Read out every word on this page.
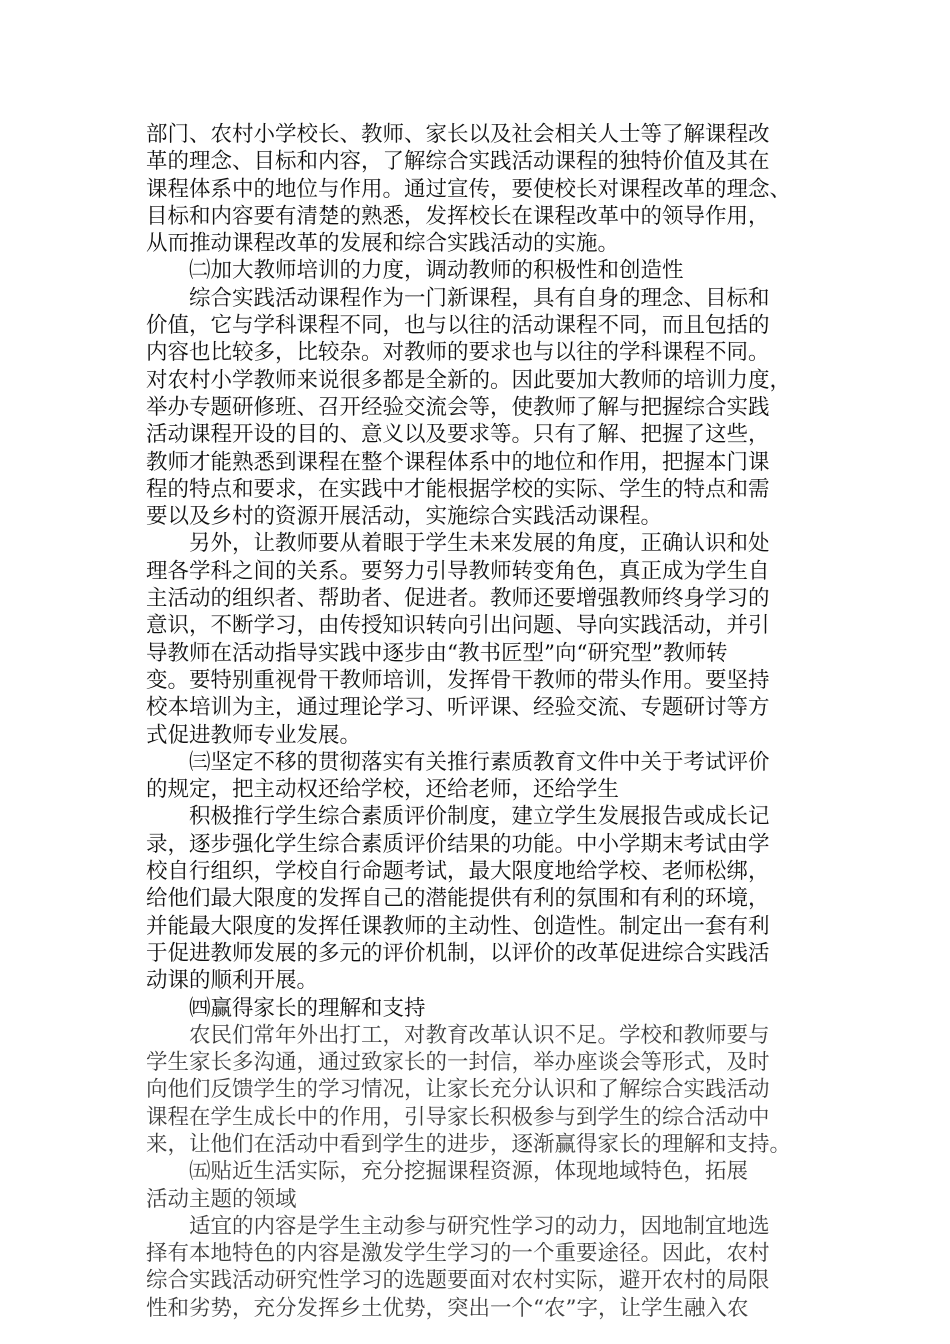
部门、农村小学校长、教师、家长以及社会相关人士等了解课程改
革的理念、目标和内容，了解综合实践活动课程的独特价值及其在
课程体系中的地位与作用。通过宣传，要使校长对课程改革的理念、
目标和内容要有清楚的熟悉，发挥校长在课程改革中的领导作用，
从而推动课程改革的发展和综合实践活动的实施。
㈡加大教师培训的力度，调动教师的积极性和创造性
综合实践活动课程作为一门新课程，具有自身的理念、目标和
价值，它与学科课程不同，也与以往的活动课程不同，而且包括的
内容也比较多，比较杂。对教师的要求也与以往的学科课程不同。
对农村小学教师来说很多都是全新的。因此要加大教师的培训力度，
举办专题研修班、召开经验交流会等，使教师了解与把握综合实践
活动课程开设的目的、意义以及要求等。只有了解、把握了这些，
教师才能熟悉到课程在整个课程体系中的地位和作用，把握本门课
程的特点和要求，在实践中才能根据学校的实际、学生的特点和需
要以及乡村的资源开展活动，实施综合实践活动课程。
另外，让教师要从着眼于学生未来发展的角度，正确认识和处
理各学科之间的关系。要努力引导教师转变角色，真正成为学生自
主活动的组织者、帮助者、促进者。教师还要增强教师终身学习的
意识，不断学习，由传授知识转向引出问题、导向实践活动，并引
导教师在活动指导实践中逐步由“教书匠型”向“研究型”教师转
变。要特别重视骨干教师培训，发挥骨干教师的带头作用。要坚持
校本培训为主，通过理论学习、听评课、经验交流、专题研讨等方
式促进教师专业发展。
㈢坚定不移的贯彻落实有关推行素质教育文件中关于考试评价
的规定，把主动权还给学校，还给老师，还给学生
积极推行学生综合素质评价制度，建立学生发展报告或成长记
录，逐步强化学生综合素质评价结果的功能。中小学期末考试由学
校自行组织，学校自行命题考试，最大限度地给学校、老师松绑，
给他们最大限度的发挥自己的潜能提供有利的氛围和有利的环境，
并能最大限度的发挥任课教师的主动性、创造性。制定出一套有利
于促进教师发展的多元的评价机制，以评价的改革促进综合实践活
动课的顺利开展。
㈣赢得家长的理解和支持
农民们常年外出打工，对教育改革认识不足。学校和教师要与
学生家长多沟通，通过致家长的一封信，举办座谈会等形式，及时
向他们反馈学生的学习情况，让家长充分认识和了解综合实践活动
课程在学生成长中的作用，引导家长积极参与到学生的综合活动中
来，让他们在活动中看到学生的进步，逐渐赢得家长的理解和支持。
㈤贴近生活实际，充分挖掘课程资源，体现地域特色，拓展
活动主题的领域
适宜的内容是学生主动参与研究性学习的动力，因地制宜地选
择有本地特色的内容是激发学生学习的一个重要途径。因此，农村
综合实践活动研究性学习的选题要面对农村实际，避开农村的局限
性和劣势，充分发挥乡土优势，突出一个“农”字，让学生融入农
